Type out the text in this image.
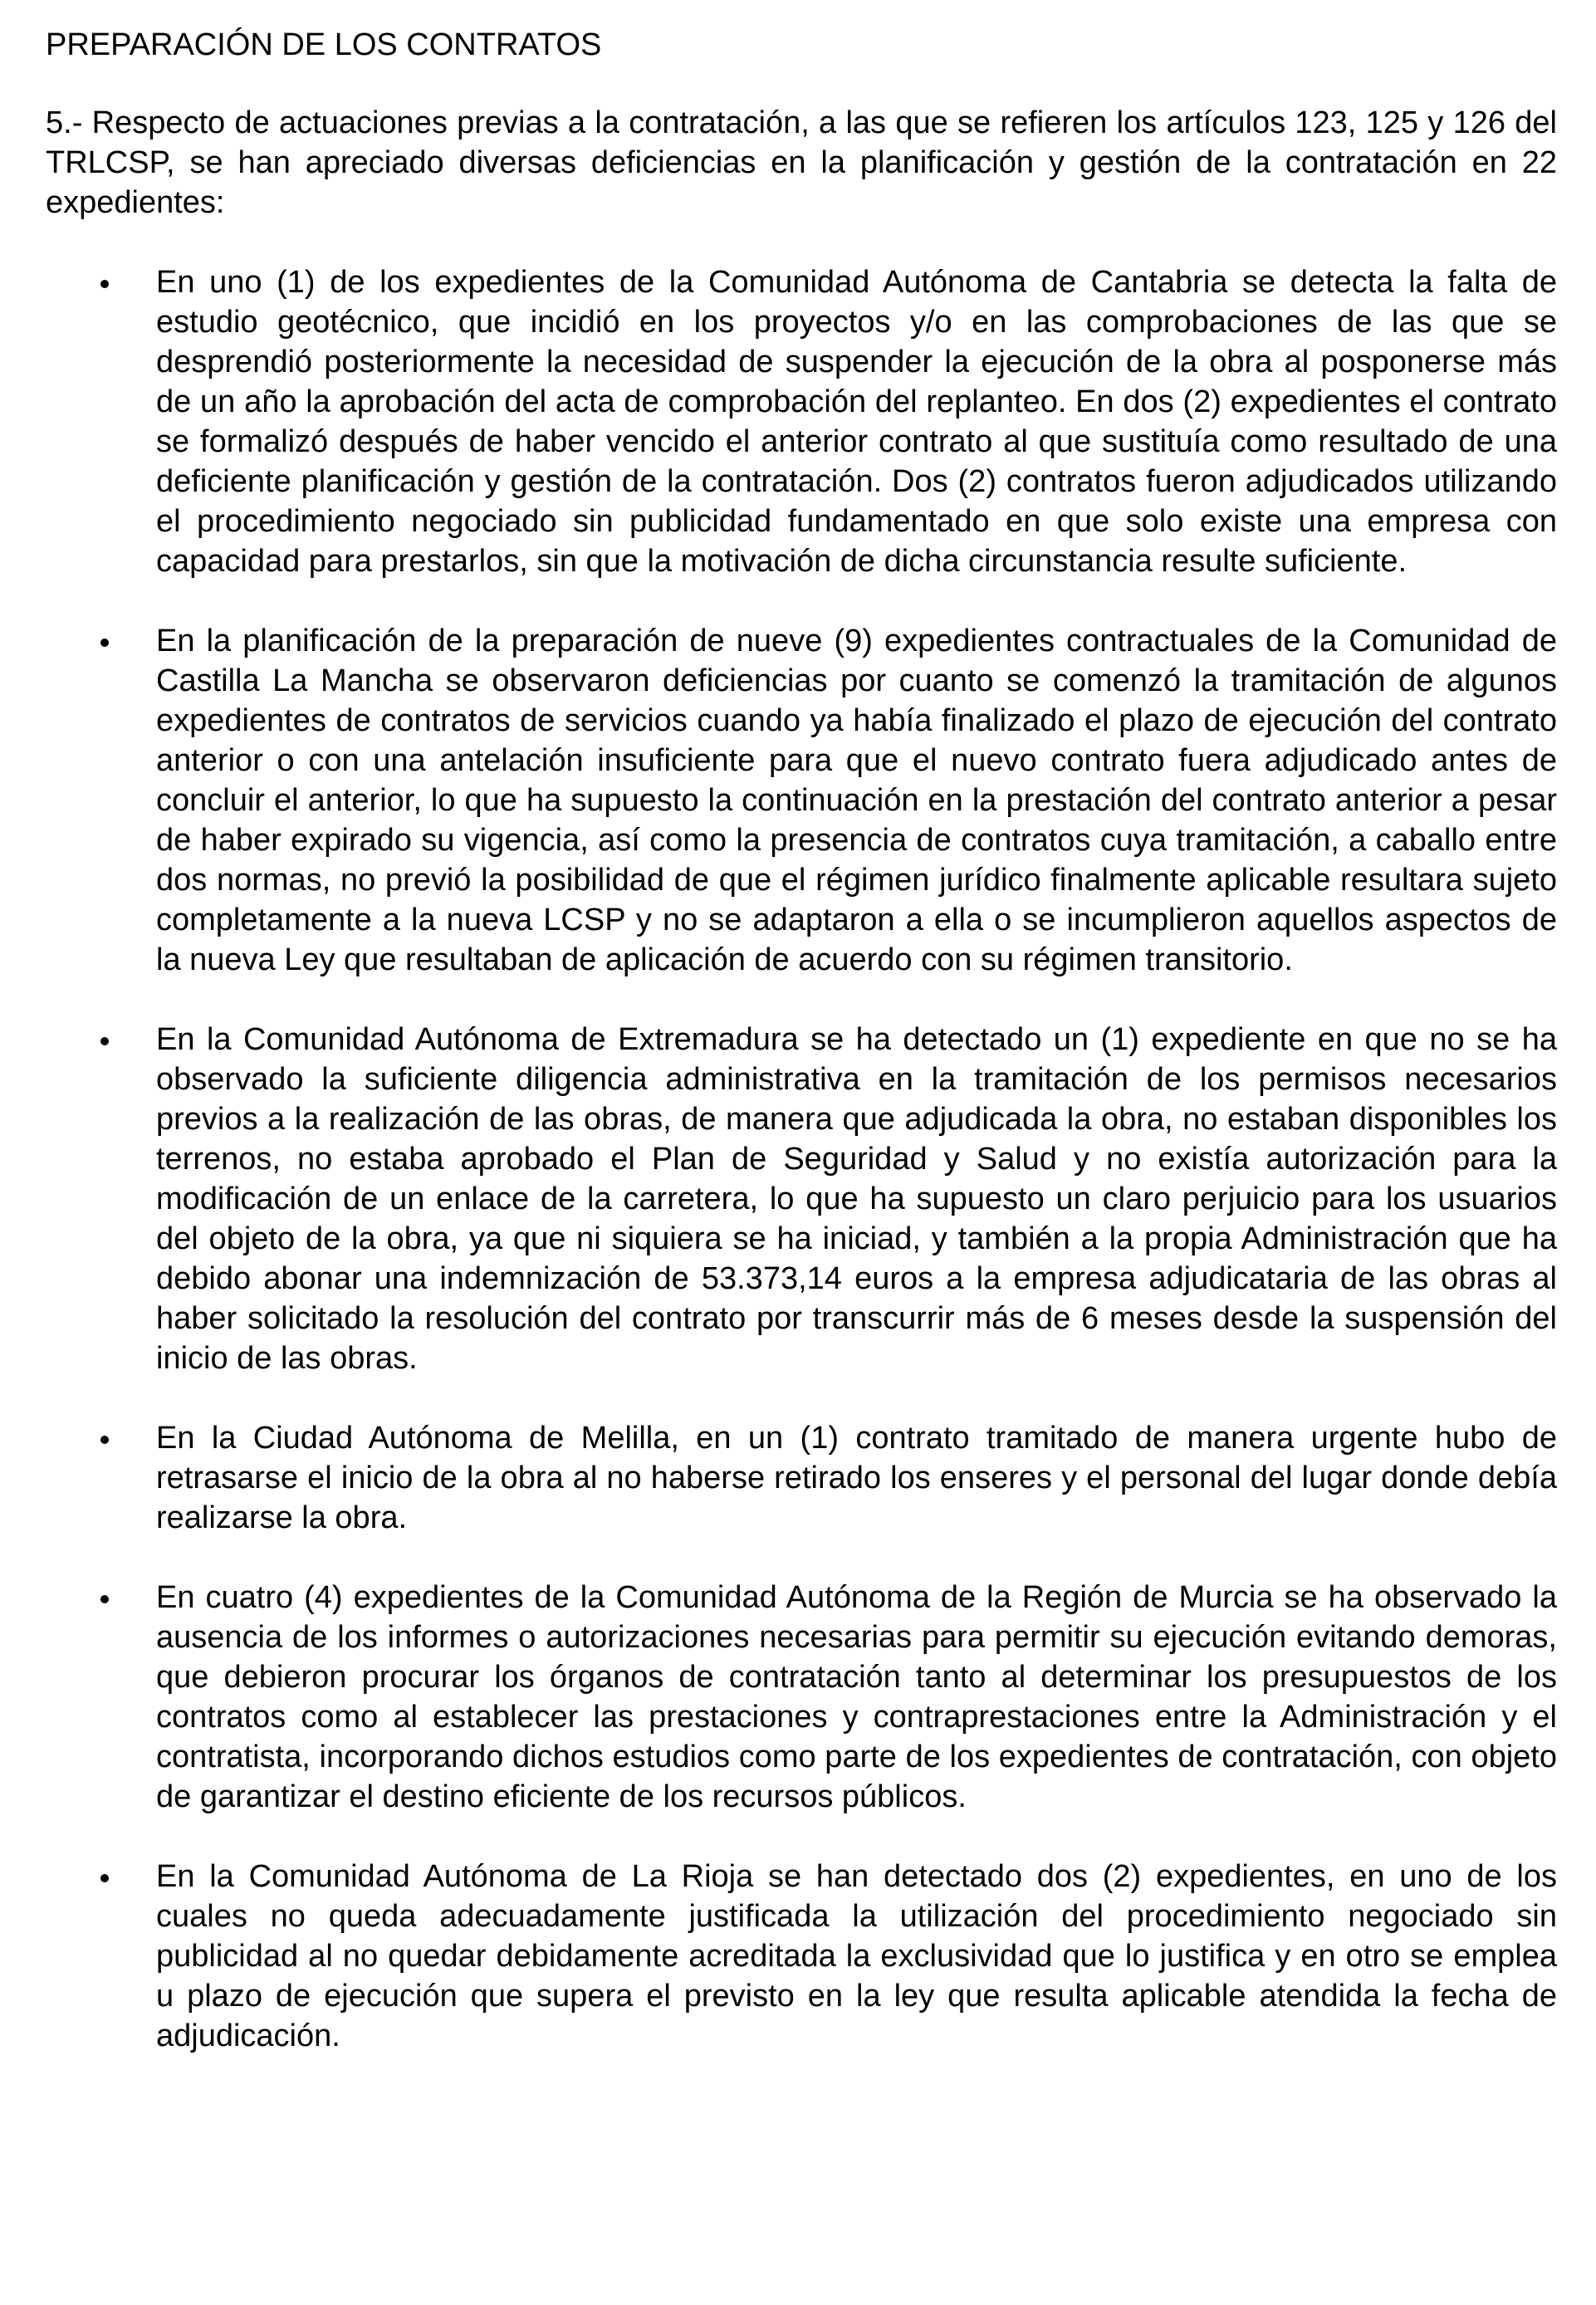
PREPARACIÓN DE LOS CONTRATOS

5.- Respecto de actuaciones previas a la contratación, a las que se refieren los artículos 123, 125 y 126 del TRLCSP, se han apreciado diversas deficiencias en la planificación y gestión de la contratación en 22 expedientes:

En uno (1) de los expedientes de la Comunidad Autónoma de Cantabria se detecta la falta de estudio geotécnico, que incidió en los proyectos y/o en las comprobaciones de las que se desprendió posteriormente la necesidad de suspender la ejecución de la obra al posponerse más de un año la aprobación del acta de comprobación del replanteo. En dos (2) expedientes el contrato se formalizó después de haber vencido el anterior contrato al que sustituía como resultado de una deficiente planificación y gestión de la contratación. Dos (2) contratos fueron adjudicados utilizando el procedimiento negociado sin publicidad fundamentado en que solo existe una empresa con capacidad para prestarlos, sin que la motivación de dicha circunstancia resulte suficiente.
En la planificación de la preparación de nueve (9) expedientes contractuales de la Comunidad de Castilla La Mancha se observaron deficiencias por cuanto se comenzó la tramitación de algunos expedientes de contratos de servicios cuando ya había finalizado el plazo de ejecución del contrato anterior o con una antelación insuficiente para que el nuevo contrato fuera adjudicado antes de concluir el anterior, lo que ha supuesto la continuación en la prestación del contrato anterior a pesar de haber expirado su vigencia, así como la presencia de contratos cuya tramitación, a caballo entre dos normas, no previó la posibilidad de que el régimen jurídico finalmente aplicable resultara sujeto completamente a la nueva LCSP y no se adaptaron a ella o se incumplieron aquellos aspectos de la nueva Ley que resultaban de aplicación de acuerdo con su régimen transitorio.
En la Comunidad Autónoma de Extremadura se ha detectado un (1) expediente en que no se ha observado la suficiente diligencia administrativa en la tramitación de los permisos necesarios previos a la realización de las obras, de manera que adjudicada la obra, no estaban disponibles los terrenos, no estaba aprobado el Plan de Seguridad y Salud y no existía autorización para la modificación de un enlace de la carretera, lo que ha supuesto un claro perjuicio para los usuarios del objeto de la obra, ya que ni siquiera se ha iniciad, y también a la propia Administración que ha debido abonar una indemnización de 53.373,14 euros a la empresa adjudicataria de las obras al haber solicitado la resolución del contrato por transcurrir más de 6 meses desde la suspensión del inicio de las obras.
En la Ciudad Autónoma de Melilla, en un (1) contrato tramitado de manera urgente hubo de retrasarse el inicio de la obra al no haberse retirado los enseres y el personal del lugar donde debía realizarse la obra.
En cuatro (4) expedientes de la Comunidad Autónoma de la Región de Murcia se ha observado la ausencia de los informes o autorizaciones necesarias para permitir su ejecución evitando demoras, que debieron procurar los órganos de contratación tanto al determinar los presupuestos de los contratos como al establecer las prestaciones y contraprestaciones entre la Administración y el contratista, incorporando dichos estudios como parte de los expedientes de contratación, con objeto de garantizar el destino eficiente de los recursos públicos.
En la Comunidad Autónoma de La Rioja se han detectado dos (2) expedientes, en uno de los cuales no queda adecuadamente justificada la utilización del procedimiento negociado sin publicidad al no quedar debidamente acreditada la exclusividad que lo justifica y en otro se emplea u plazo de ejecución que supera el previsto en la ley que resulta aplicable atendida la fecha de adjudicación.
